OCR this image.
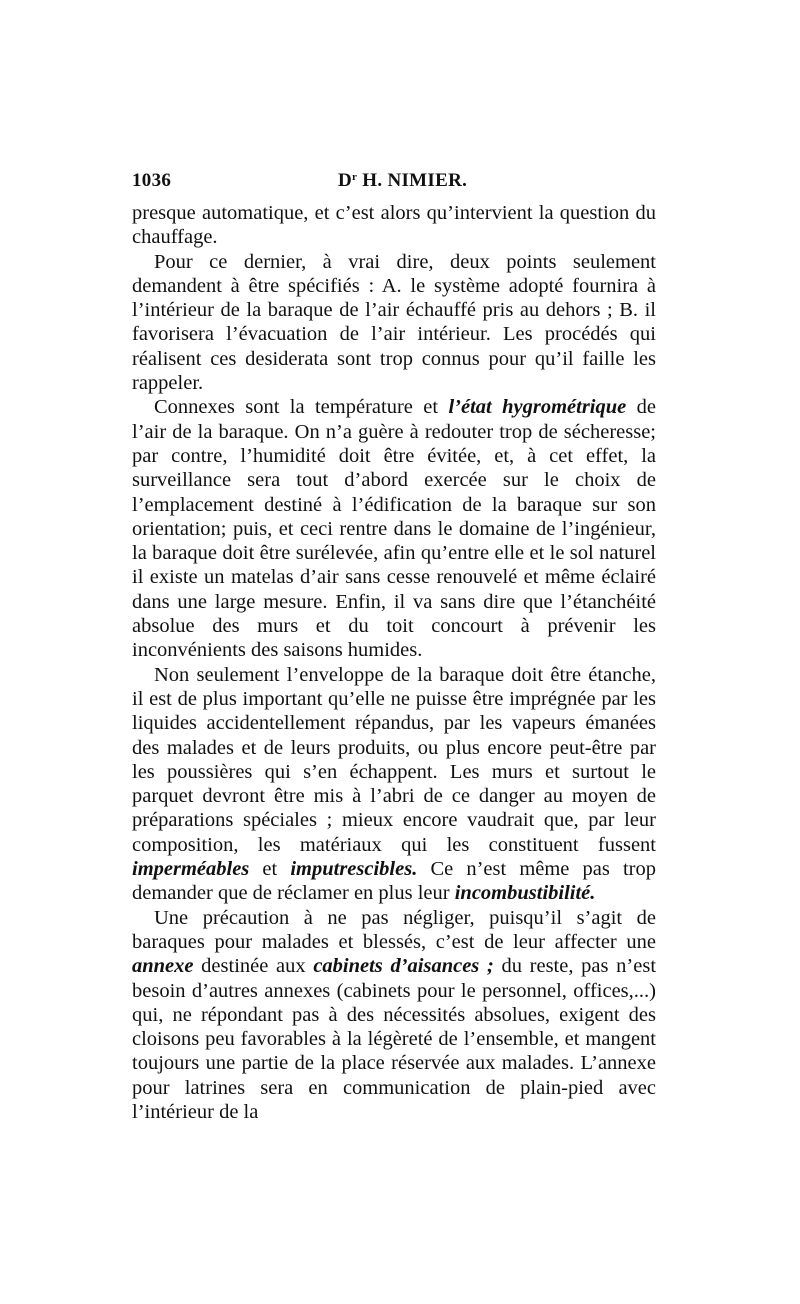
1036	$D^r$ H. NIMIER.

presque automatique, et c’est alors qu’intervient la question du chauffage.

Pour ce dernier, à vrai dire, deux points seulement demandent à être spécifiés : A. le système adopté fournira à l’intérieur de la baraque de l’air échauffé pris au dehors ; B. il favorisera l’évacuation de l’air intérieur. Les procédés qui réalisent ces desiderata sont trop connus pour qu’il faille les rappeler.

Connexes sont la température et l’état hygrométrique de l’air de la baraque. On n’a guère à redouter trop de sécheresse; par contre, l’humidité doit être évitée, et, à cet effet, la surveillance sera tout d’abord exercée sur le choix de l’emplacement destiné à l’édification de la baraque sur son orientation; puis, et ceci rentre dans le domaine de l’ingénieur, la baraque doit être surélevée, afin qu’entre elle et le sol naturel il existe un matelas d’air sans cesse renouvelé et même éclairé dans une large mesure. Enfin, il va sans dire que l’étanchéité absolue des murs et du toit concourt à prévenir les inconvénients des saisons humides.

Non seulement l’enveloppe de la baraque doit être étanche, il est de plus important qu’elle ne puisse être imprégnée par les liquides accidentellement répandus, par les vapeurs émanées des malades et de leurs produits, ou plus encore peut-être par les poussières qui s’en échappent. Les murs et surtout le parquet devront être mis à l’abri de ce danger au moyen de préparations spéciales ; mieux encore vaudrait que, par leur composition, les matériaux qui les constituent fussent imperméables et imputrescibles. Ce n’est même pas trop demander que de réclamer en plus leur incombustibilité.

Une précaution à ne pas négliger, puisqu’il s’agit de baraques pour malades et blessés, c’est de leur affecter une annexe destinée aux cabinets d’aisances ; du reste, pas n’est besoin d’autres annexes (cabinets pour le personnel, offices,...) qui, ne répondant pas à des nécessités absolues, exigent des cloisons peu favorables à la légèreté de l’ensemble, et mangent toujours une partie de la place réservée aux malades. L’annexe pour latrines sera en communication de plain-pied avec l’intérieur de la
